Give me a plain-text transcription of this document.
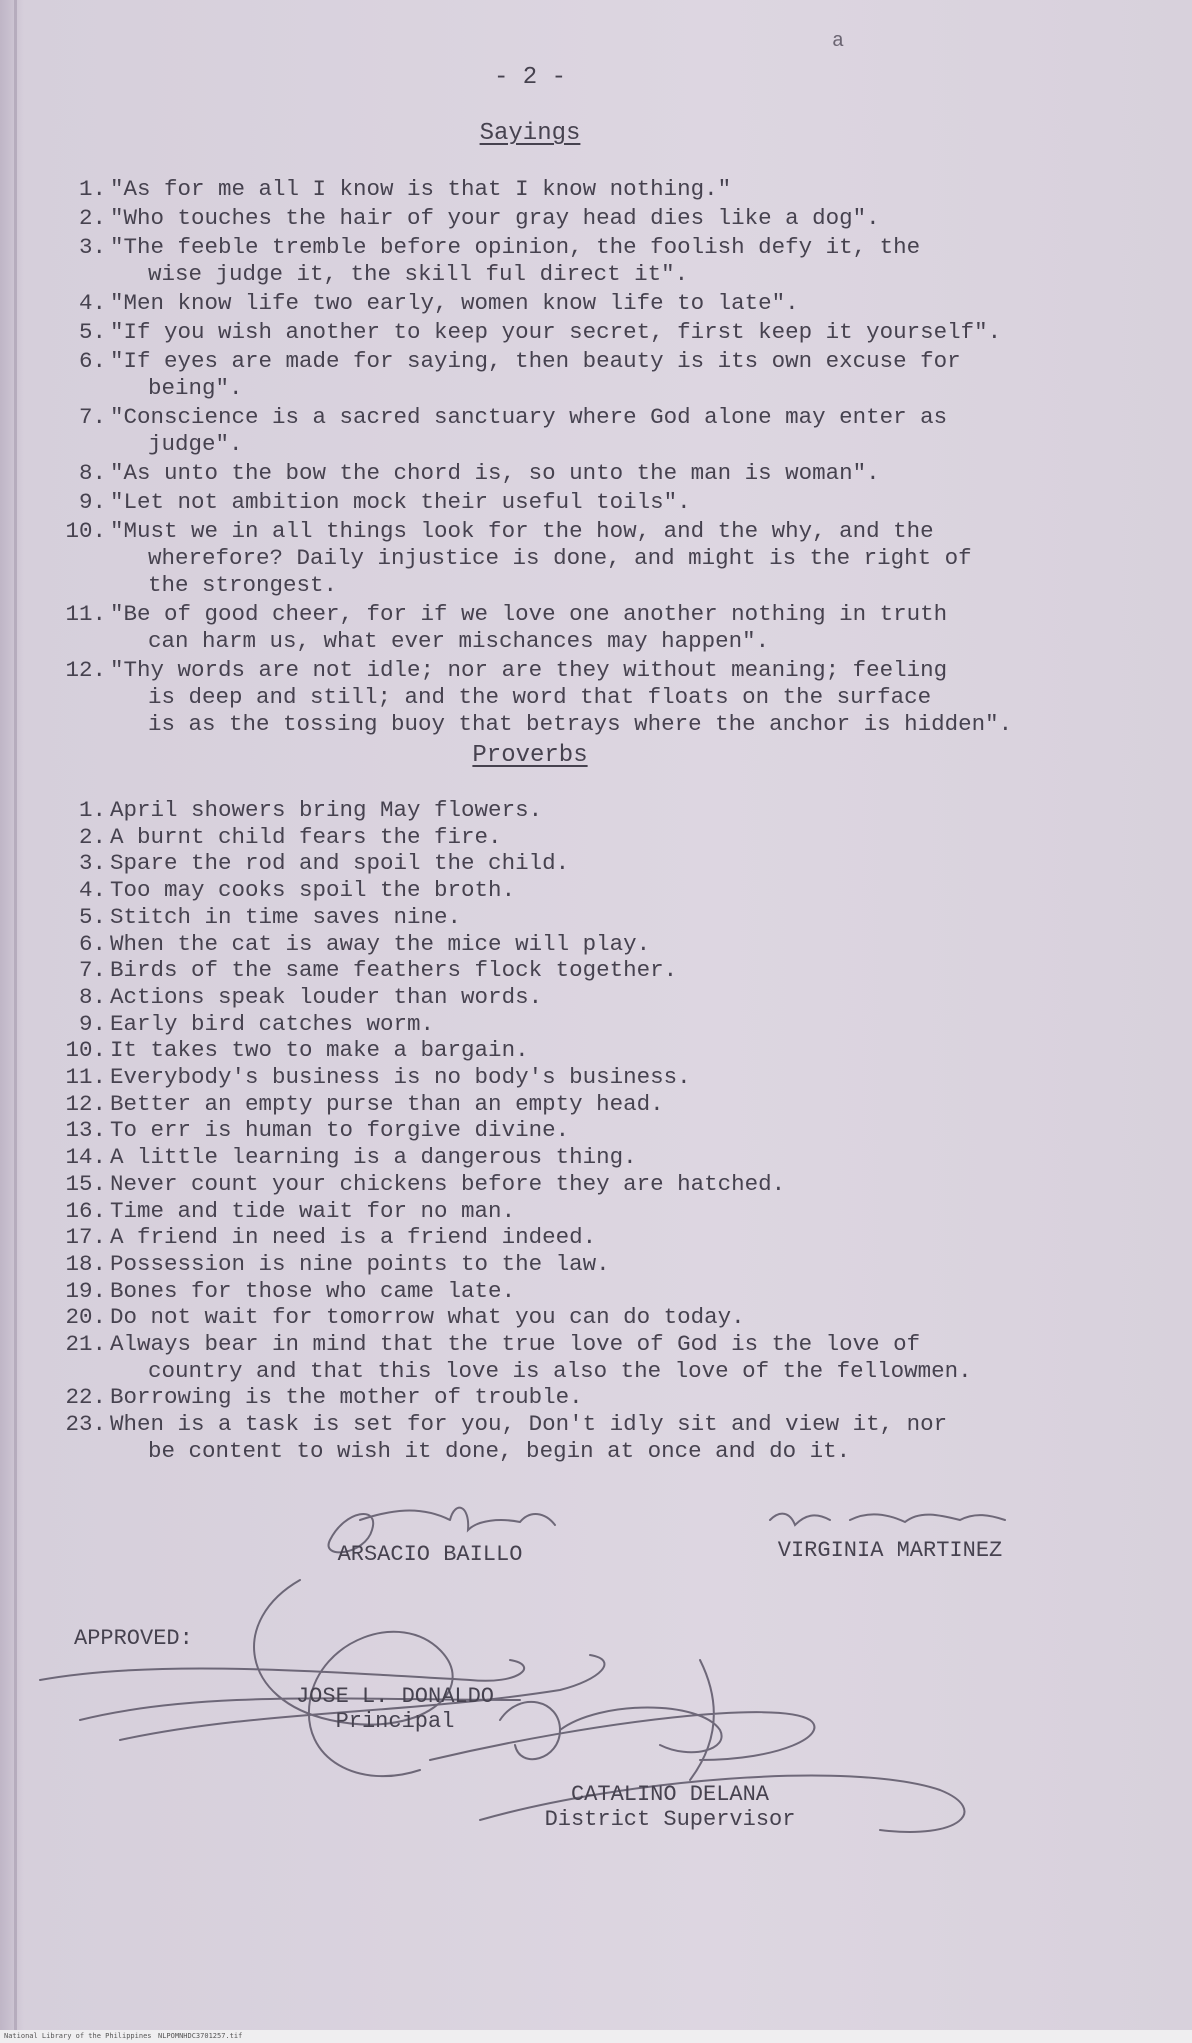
a
- 2 -
Sayings
1. "As for me all I know is that I know nothing."
2. "Who touches the hair of your gray head dies like a dog".
3. "The feeble tremble before opinion, the foolish defy it, the
wise judge it, the skill ful direct it".
4. "Men know life two early, women know life to late".
5. "If you wish another to keep your secret, first keep it yourself".
6. "If eyes are made for saying, then beauty is its own excuse for
being".
7. "Conscience is a sacred sanctuary where God alone may enter as
judge".
8. "As unto the bow the chord is, so unto the man is woman".
9. "Let not ambition mock their useful toils".
10. "Must we in all things look for the how, and the why, and the
wherefore? Daily injustice is done, and might is the right of
the strongest.
11. "Be of good cheer, for if we love one another nothing in truth
can harm us, what ever mischances may happen".
12. "Thy words are not idle; nor are they without meaning; feeling
is deep and still; and the word that floats on the surface
is as the tossing buoy that betrays where the anchor is hidden".
Proverbs
1. April showers bring May flowers.
2. A burnt child fears the fire.
3. Spare the rod and spoil the child.
4. Too may cooks spoil the broth.
5. Stitch in time saves nine.
6. When the cat is away the mice will play.
7. Birds of the same feathers flock together.
8. Actions speak louder than words.
9. Early bird catches worm.
10. It takes two to make a bargain.
11. Everybody's business is no body's business.
12. Better an empty purse than an empty head.
13. To err is human to forgive divine.
14. A little learning is a dangerous thing.
15. Never count your chickens before they are hatched.
16. Time and tide wait for no man.
17. A friend in need is a friend indeed.
18. Possession is nine points to the law.
19. Bones for those who came late.
20. Do not wait for tomorrow what you can do today.
21. Always bear in mind that the true love of God is the love of
country and that this love is also the love of the fellowmen.
22. Borrowing is the mother of trouble.
23. When is a task is set for you, Don't idly sit and view it, nor
be content to wish it done, begin at once and do it.
ARSACIO BAILLO	VIRGINIA MARTINEZ
APPROVED:
JOSE L. DONALDO
Principal
CATALINO DELANA
District Supervisor
National Library of the Philippines NLPOMNHDC3701257.tif
